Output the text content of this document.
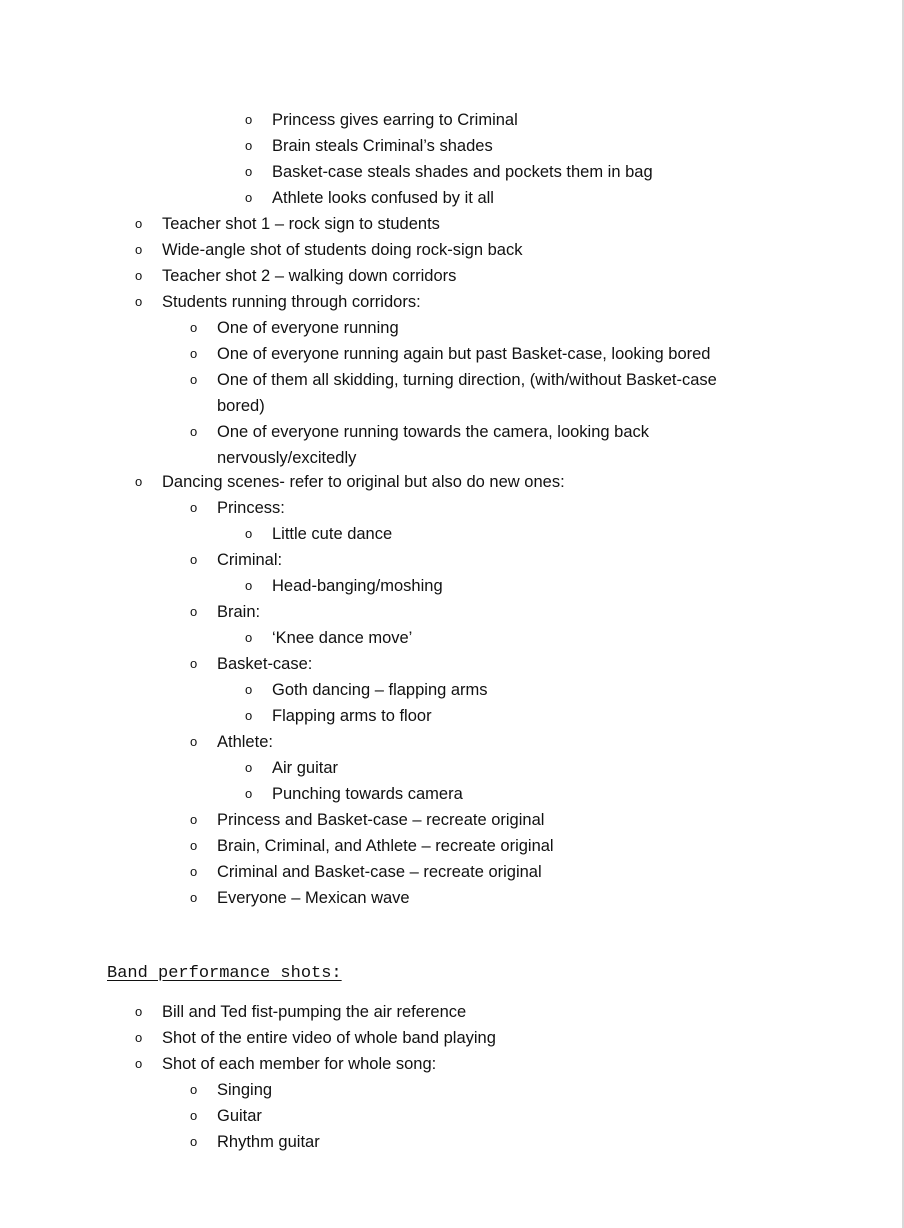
o Princess gives earring to Criminal
o Brain steals Criminal’s shades
o Basket-case steals shades and pockets them in bag
o Athlete looks confused by it all
o Teacher shot 1 – rock sign to students
o Wide-angle shot of students doing rock-sign back
o Teacher shot 2 – walking down corridors
o Students running through corridors:
o One of everyone running
o One of everyone running again but past Basket-case, looking bored
o One of them all skidding, turning direction, (with/without Basket-case bored)
o One of everyone running towards the camera, looking back nervously/excitedly
o Dancing scenes- refer to original but also do new ones:
o Princess:
o Little cute dance
o Criminal:
o Head-banging/moshing
o Brain:
o ‘Knee dance move’
o Basket-case:
o Goth dancing – flapping arms
o Flapping arms to floor
o Athlete:
o Air guitar
o Punching towards camera
o Princess and Basket-case – recreate original
o Brain, Criminal, and Athlete – recreate original
o Criminal and Basket-case – recreate original
o Everyone – Mexican wave
Band performance shots:
o Bill and Ted fist-pumping the air reference
o Shot of the entire video of whole band playing
o Shot of each member for whole song:
o Singing
o Guitar
o Rhythm guitar
